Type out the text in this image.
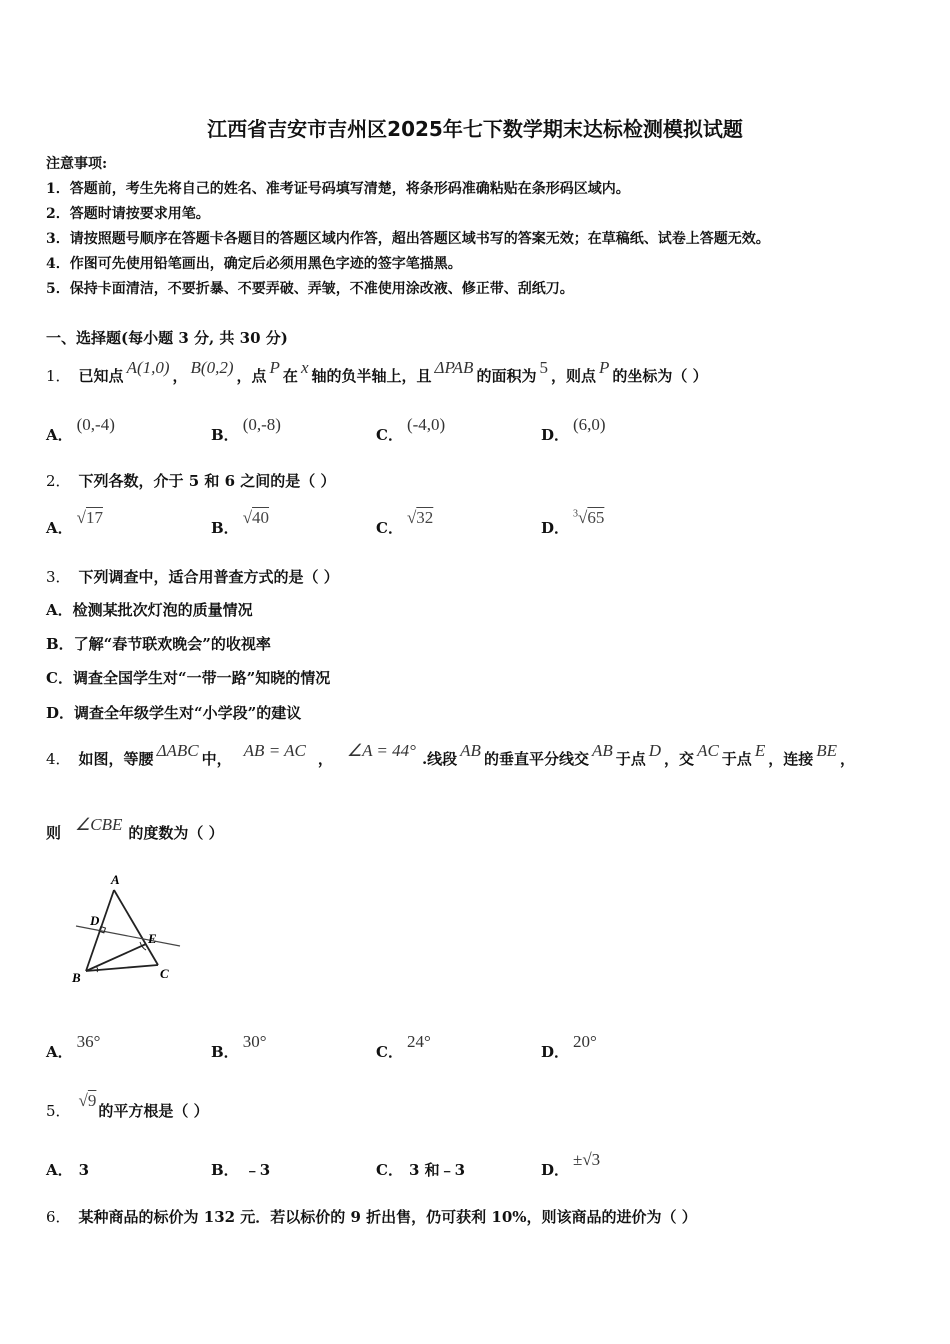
江西省吉安市吉州区2025年七下数学期末达标检测模拟试题
注意事项:
1．答题前，考生先将自己的姓名、准考证号码填写清楚，将条形码准确粘贴在条形码区域内。
2．答题时请按要求用笔。
3．请按照题号顺序在答题卡各题目的答题区域内作答，超出答题区域书写的答案无效；在草稿纸、试卷上答题无效。
4．作图可先使用铅笔画出，确定后必须用黑色字迹的签字笔描黑。
5．保持卡面清洁，不要折暴、不要弄破、弄皱，不准使用涂改液、修正带、刮纸刀。
一、选择题(每小题 3 分, 共 30 分)
1． 已知点 A(1,0) ， B(0,2) ，点 P 在 x 轴的负半轴上，且 ΔPAB 的面积为 5 ，则点 P 的坐标为（ ）
A．(0,-4)
B．(0,-8)
C．(-4,0)
D．(6,0)
2． 下列各数，介于 5 和 6 之间的是（ ）
A．√17
B．√40
C．√32
D．$^3$√65
3． 下列调查中，适合用普查方式的是（ ）
A．检测某批次灯泡的质量情况
B．了解“春节联欢晚会”的收视率
C．调查全国学生对“一带一路”知晓的情况
D．调查全年级学生对“小学段”的建议
4． 如图，等腰 ΔABC 中， AB = AC ， ∠A = 44° .线段 AB 的垂直平分线交 AB 于点 D ，交 AC 于点 E ，连接 BE ，
则 ∠CBE 的度数为（ ）
A
D
E
B	C
A．36°
B．30°
C．24°
D．20°
5．√9的平方根是（ ）
A． 3	B． ﹣3	C． 3 和﹣3	D．±√3
6． 某种商品的标价为 132 元．若以标价的 9 折出售，仍可获利 10%，则该商品的进价为（ ）
